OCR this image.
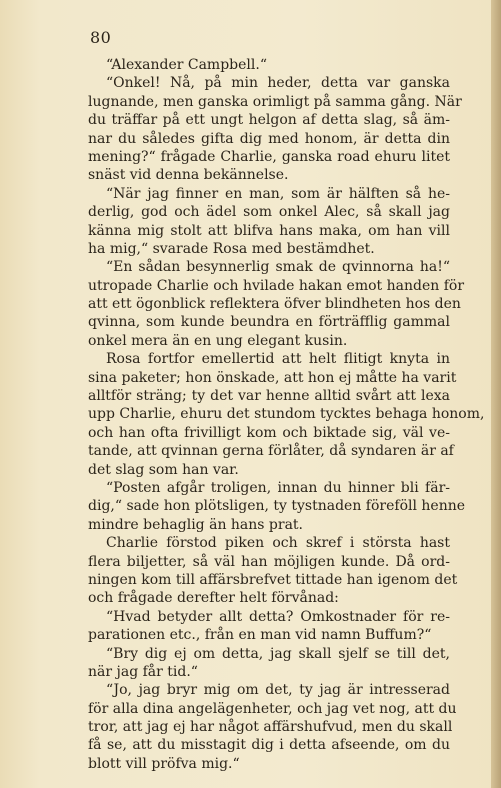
80
“Alexander Campbell.“
“Onkel! Nå, på min heder, detta var ganska
lugnande, men ganska orimligt på samma gång. När
du träffar på ett ungt helgon af detta slag, så äm-
nar du således gifta dig med honom, är detta din
mening?“ frågade Charlie, ganska road ehuru litet
snäst vid denna bekännelse.
“När jag finner en man, som är hälften så he-
derlig, god och ädel som onkel Alec, så skall jag
känna mig stolt att blifva hans maka, om han vill
ha mig,“ svarade Rosa med bestämdhet.
“En sådan besynnerlig smak de qvinnorna ha!“
utropade Charlie och hvilade hakan emot handen för
att ett ögonblick reflektera öfver blindheten hos den
qvinna, som kunde beundra en förträfflig gammal
onkel mera än en ung elegant kusin.
Rosa fortfor emellertid att helt flitigt knyta in
sina paketer; hon önskade, att hon ej måtte ha varit
alltför sträng; ty det var henne alltid svårt att lexa
upp Charlie, ehuru det stundom tycktes behaga honom,
och han ofta frivilligt kom och biktade sig, väl ve-
tande, att qvinnan gerna förlåter, då syndaren är af
det slag som han var.
“Posten afgår troligen, innan du hinner bli fär-
dig,“ sade hon plötsligen, ty tystnaden föreföll henne
mindre behaglig än hans prat.
Charlie förstod piken och skref i största hast
flera biljetter, så väl han möjligen kunde. Då ord-
ningen kom till affärsbrefvet tittade han igenom det
och frågade derefter helt förvånad:
“Hvad betyder allt detta? Omkostnader för re-
parationen etc., från en man vid namn Buffum?“
“Bry dig ej om detta, jag skall sjelf se till det,
när jag får tid.“
“Jo, jag bryr mig om det, ty jag är intresserad
för alla dina angelägenheter, och jag vet nog, att du
tror, att jag ej har något affärshufvud, men du skall
få se, att du misstagit dig i detta afseende, om du
blott vill pröfva mig.“
